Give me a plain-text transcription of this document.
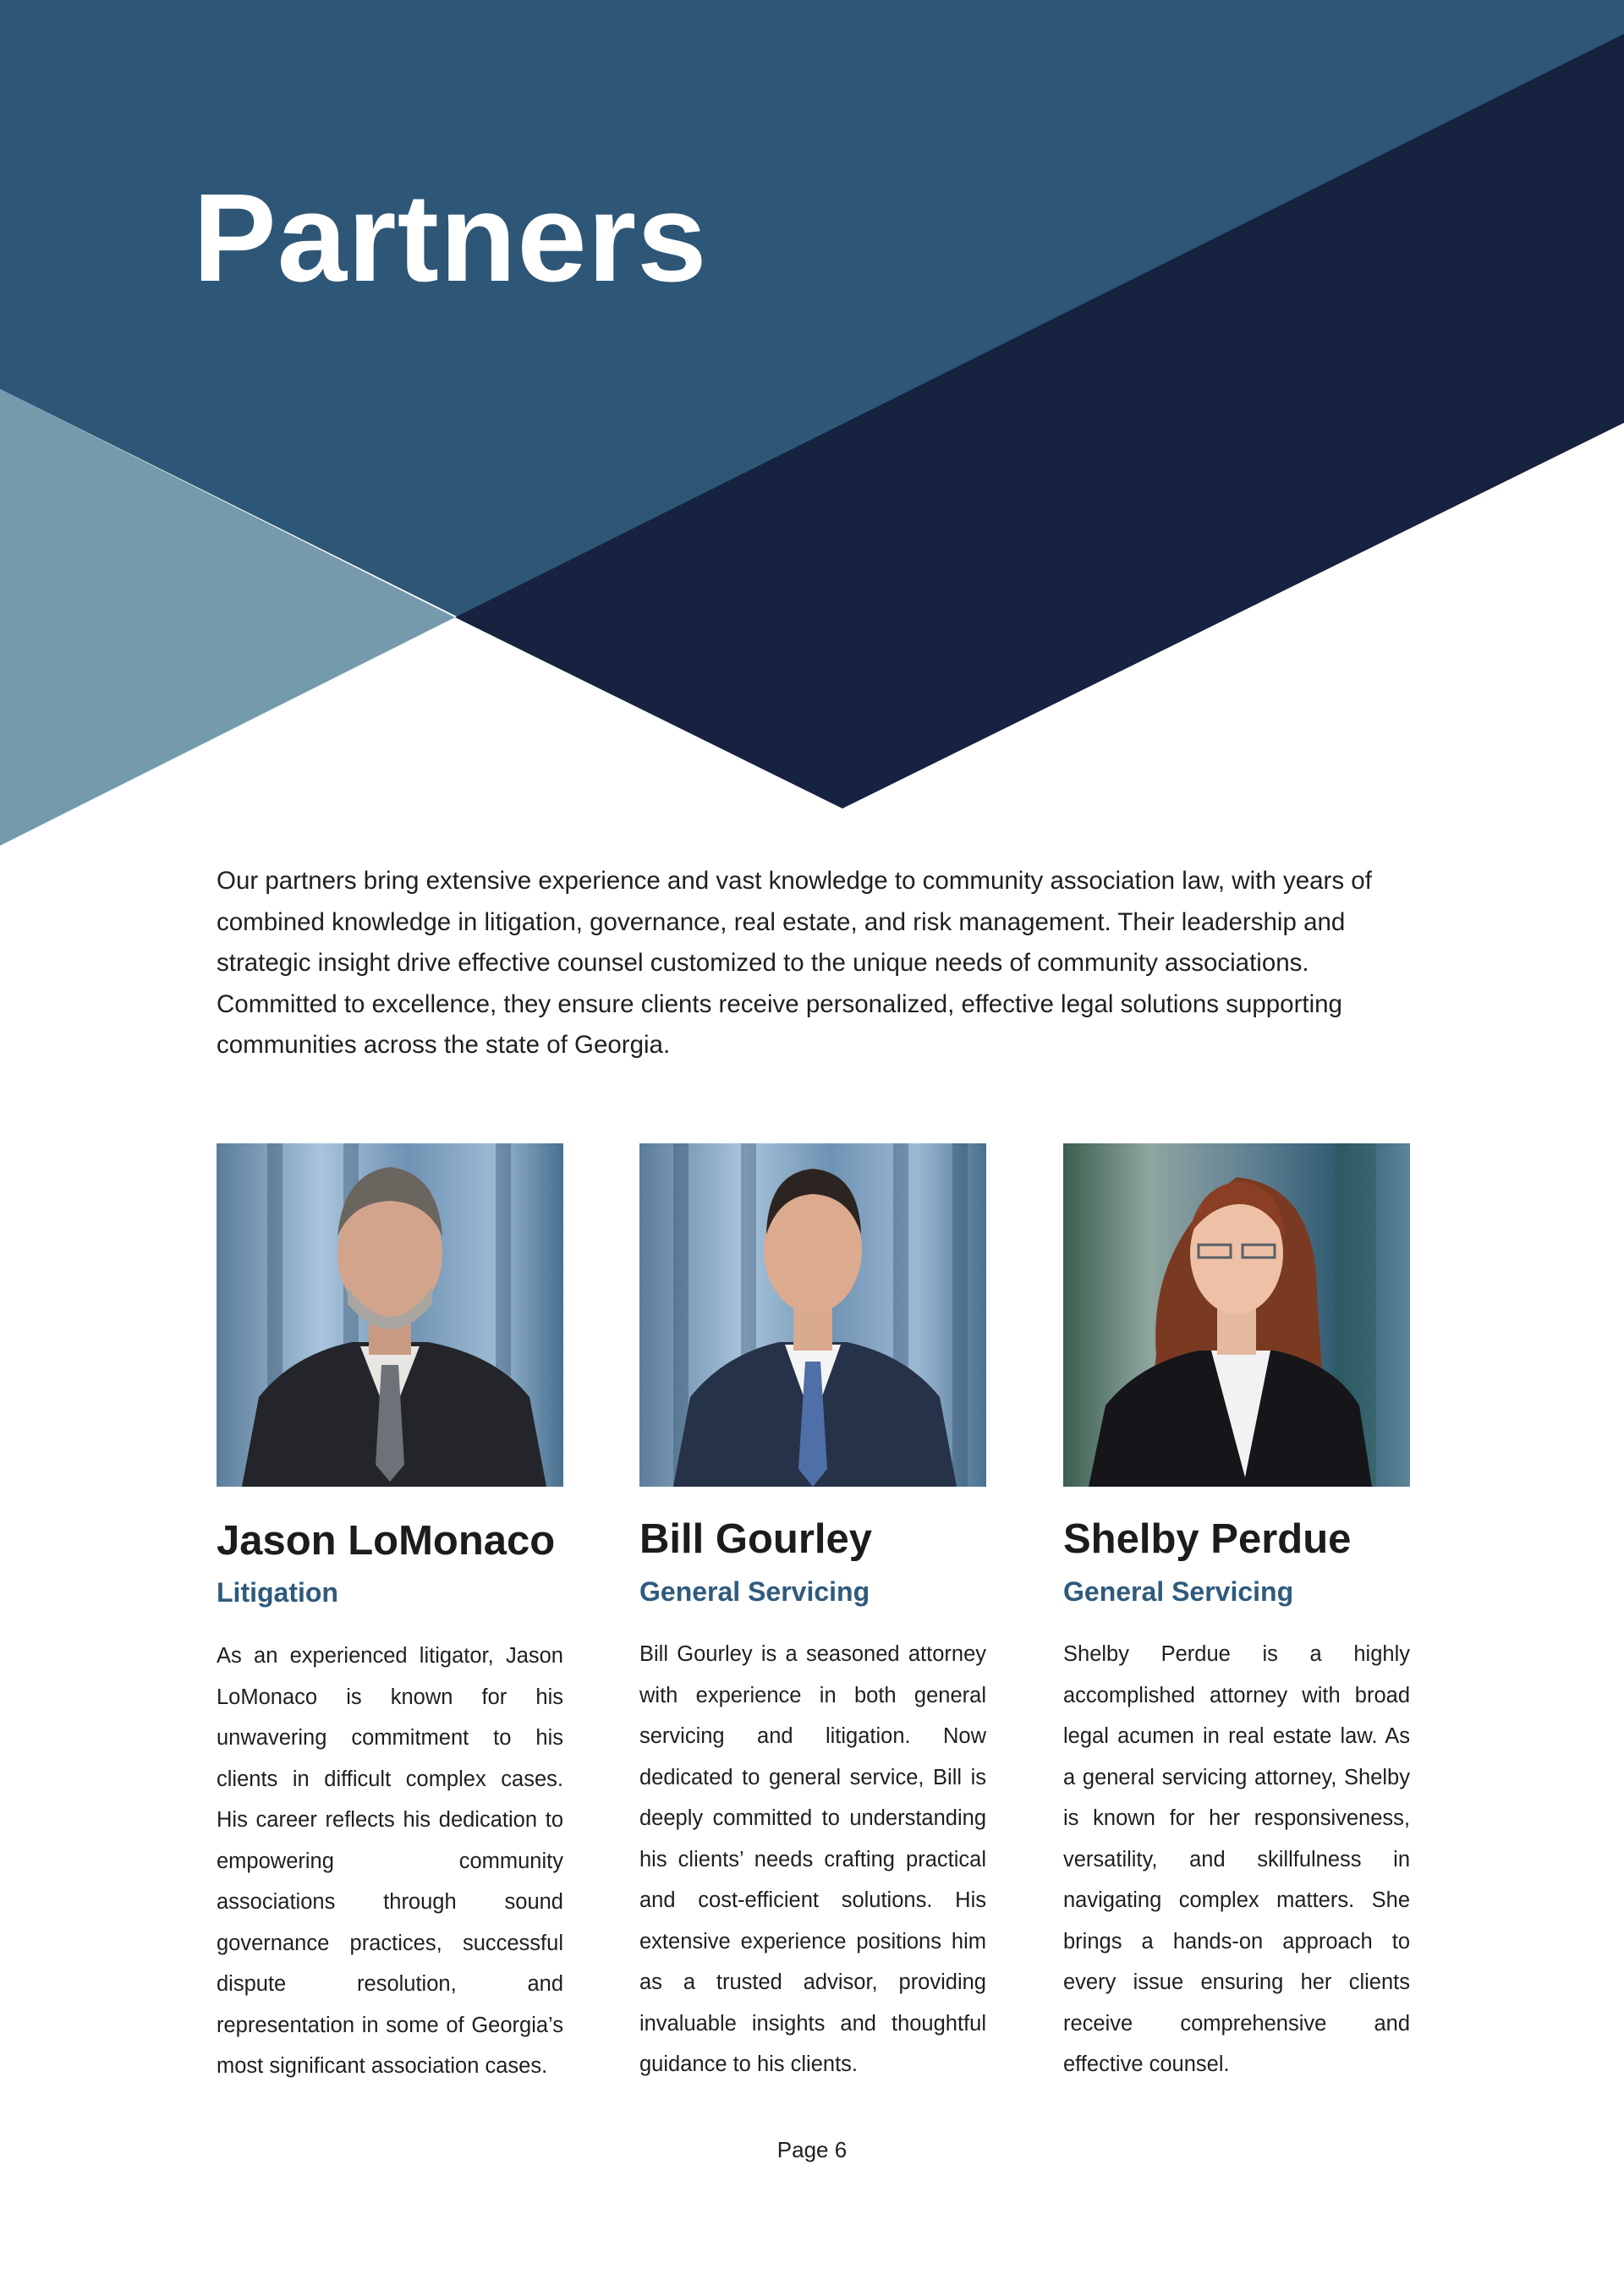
Partners

Our partners bring extensive experience and vast knowledge to community association law, with years of combined knowledge in litigation, governance, real estate, and risk management. Their leadership and strategic insight drive effective counsel customized to the unique needs of community associations. Committed to excellence, they ensure clients receive personalized, effective legal solutions supporting communities across the state of Georgia.

Jason LoMonaco

Litigation

As an experienced litigator, Jason LoMonaco is known for his unwavering commitment to his clients in difficult complex cases. His career reflects his dedication to empowering community associations through sound governance practices, successful dispute resolution, and representation in some of Georgia’s most significant association cases.

Bill Gourley

General Servicing

Bill Gourley is a seasoned attorney with experience in both general servicing and litigation. Now dedicated to general service, Bill is deeply committed to understanding his clients’ needs crafting practical and cost-efficient solutions. His extensive experience positions him as a trusted advisor, providing invaluable insights and thoughtful guidance to his clients.

Shelby Perdue

General Servicing

Shelby Perdue is a highly accomplished attorney with broad legal acumen in real estate law. As a general servicing attorney, Shelby is known for her responsiveness, versatility, and skillfulness in navigating complex matters. She brings a hands-on approach to every issue ensuring her clients receive comprehensive and effective counsel.

Page 6
